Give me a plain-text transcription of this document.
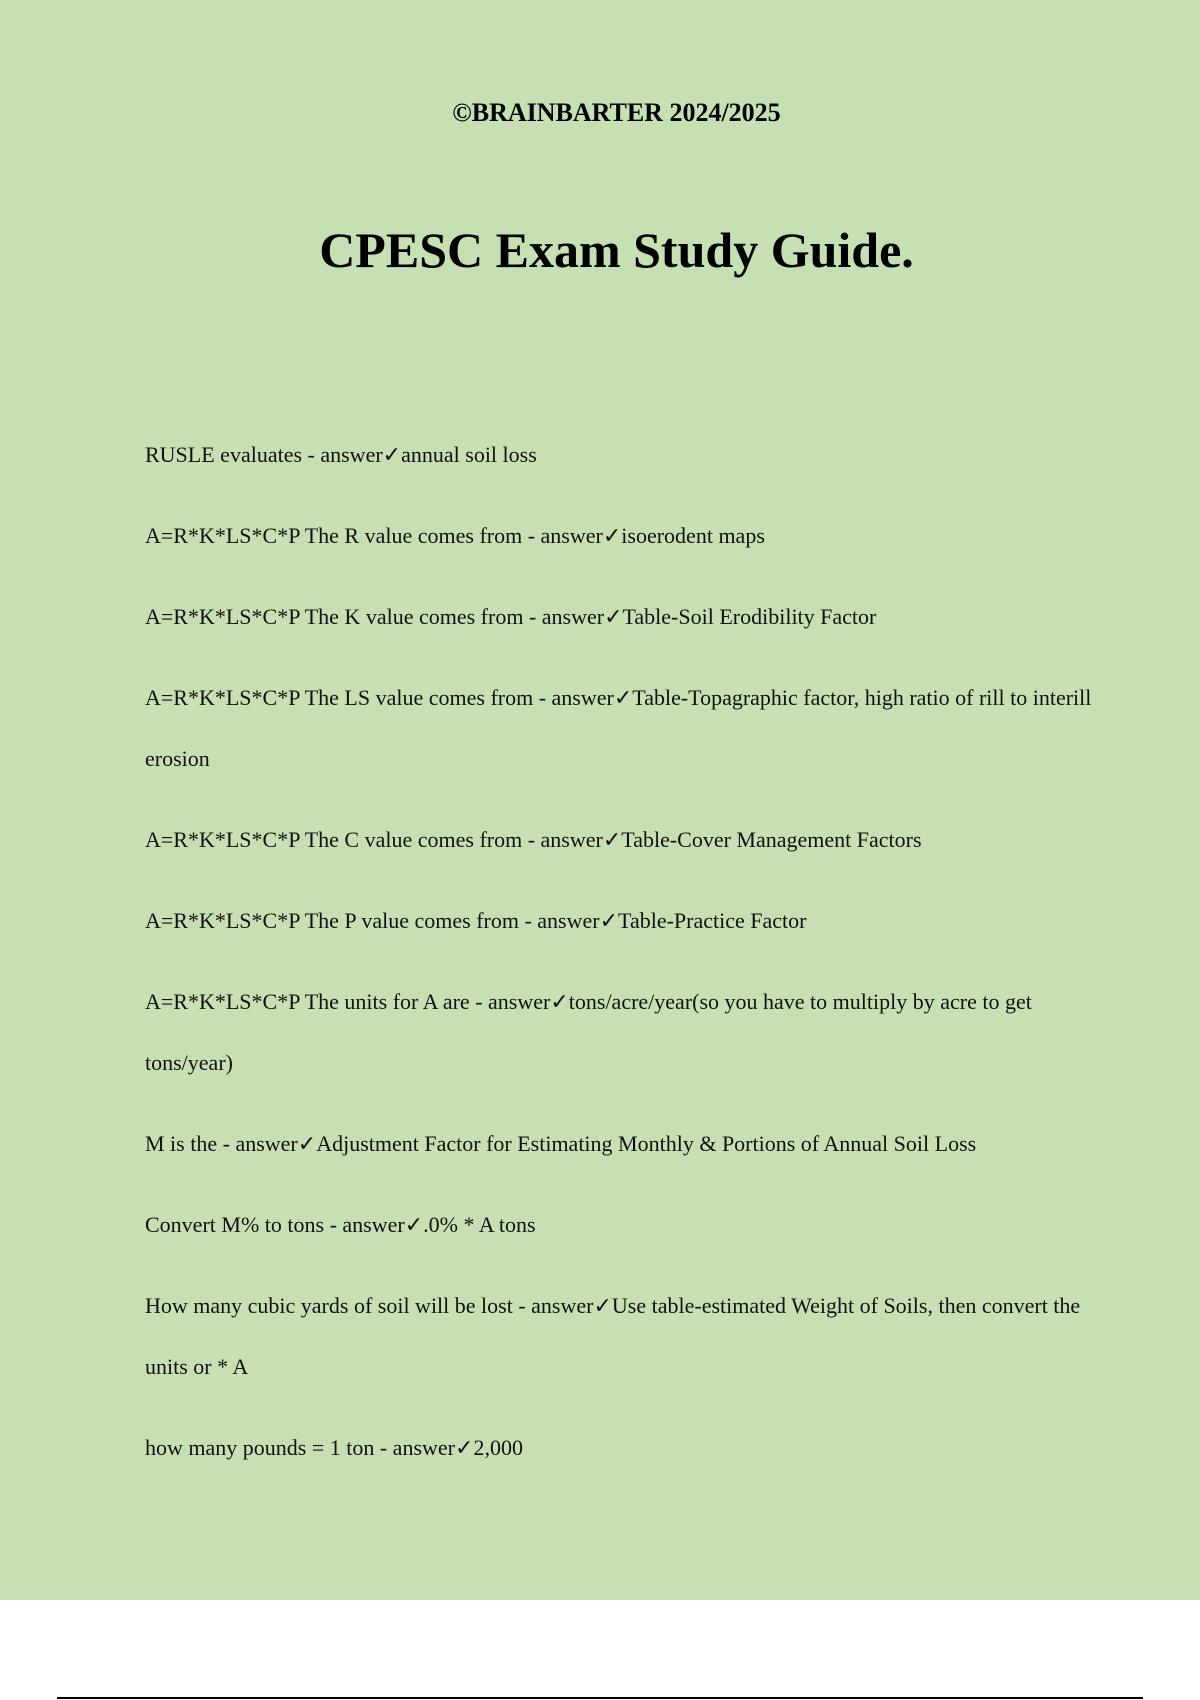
©BRAINBARTER 2024/2025
CPESC Exam Study Guide.
RUSLE evaluates - answer✓annual soil loss
A=R*K*LS*C*P The R value comes from - answer✓isoerodent maps
A=R*K*LS*C*P The K value comes from - answer✓Table-Soil Erodibility Factor
A=R*K*LS*C*P The LS value comes from - answer✓Table-Topagraphic factor, high ratio of rill to interill erosion
A=R*K*LS*C*P The C value comes from - answer✓Table-Cover Management Factors
A=R*K*LS*C*P The P value comes from - answer✓Table-Practice Factor
A=R*K*LS*C*P The units for A are - answer✓tons/acre/year(so you have to multiply by acre to get tons/year)
M is the - answer✓Adjustment Factor for Estimating Monthly & Portions of Annual Soil Loss
Convert M% to tons - answer✓.0% * A tons
How many cubic yards of soil will be lost - answer✓Use table-estimated Weight of Soils, then convert the units or * A
how many pounds = 1 ton - answer✓2,000
